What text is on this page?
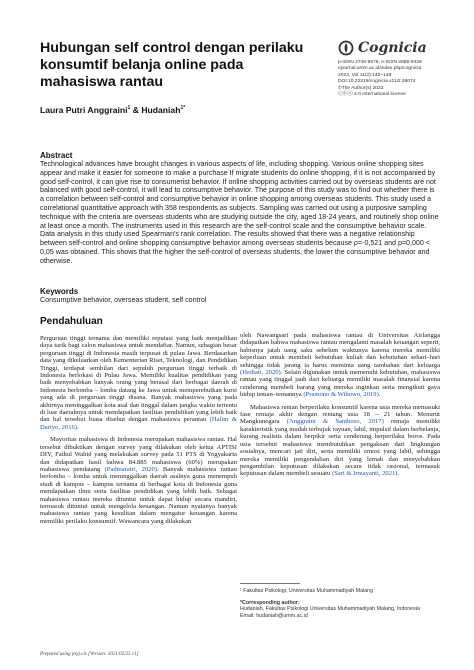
Hubungan self control dengan perilaku konsumtif belanja online pada mahasiswa rantau
Cognicia
p-ISSN 2746-8976; e-ISSN 2685-8428
ejournal.umm.ac.id/index.php/cognicia
2023, Vol 11(2):140–148
DOI:10.22219/cognicia.v11i2.28074
©The Author(s) 2023
ⓒⓑⓢ 4.0 International license
Laura Putri Anggraini$^1$ & Hudaniah$^{1*}$
Abstract
Technological advances have brought changes in various aspects of life, including shopping. Various online shopping sites appear and make it easier for someone to make a purchase If migrate students do online shopping, if it is not accompanied by good self-control, it can give rise to consumerist behavior. If online shopping activities carried out by overseas students are not balanced with good self-control, it will lead to consumptive behavior. The purpose of this study was to find out whether there is a correlation between self-control and consumptive behavior in online shopping among overseas students. This study used a correlational quantitative approach with 358 respondents as subjects. Sampling was carried out using a purposive sampling technique with the criteria are overseas students who are studying outside the city, aged 18-24 years, and routinely shop online at least once a month. The instruments used in this research are the self-control scale and the consumptive behavior scale. Data analysis in this study used Spearman's rank correlation. The results showed that there was a negative relationship between self-control and online shopping consumptive behavior among overseas students because ρ=-0,521 and p=0,000 < 0,05 was obtained. This shows that the higher the self-control of overseas students, the lower the consumptive behavior and otherwise.
Keywords
Consumptive behavior, overseas student, self control
Pendahuluan

Perguruan tinggi ternama dan memiliki reputasi yang baik menjadikan daya tarik bagi calon mahasiswa untuk mendaftar. Namun, sebagian besar perguruan tinggi di Indonesia masih terpusat di pulau Jawa. Berdasarkan data yang dikeluarkan oleh Kementerian Riset, Teknologi, dan Pendidikan Tinggi, terdapat sembilan dari sepuluh perguruan tinggi terbaik di Indonesia berlokasi di Pulau Jawa. Memiliki kualitas pendidikan yang baik menyebabkan banyak orang yang berasal dari berbagai daerah di Indonesia berlomba – lomba datang ke Jawa untuk memperebutkan kursi yang ada di perguruan tinggi disana. Banyak mahasiswa yang pada akhirnya meninggalkan kota asal dan tinggal dalam jangka waktu tertentu di luar daerahnya untuk mendapatkan fasilitas pendidikan yang lebih baik dan hal tersebut biasa disebut dengan mahasiswa perantau (Halim & Dariyo, 2016).

Mayoritas mahasiswa di Indonesia merupakan mahasiswa rantau. Hal tersebut dibuktikan dengan survey yang dilakukan oleh ketua APTISI DIY, Fathul Wahid yang melakukan survey pada 51 PTS di Yogyakarta dan didapatkan hasil bahwa 84.885 mahasiswa (60%) merupakan mahasiswa pendatang (Padmaratri, 2020). Banyak mahasiswa rantau berlomba – lomba untuk meninggalkan daerah asalnya guna menempuh studi di kampus – kampus ternama di berbagai kota di Indonesia guna mendapatkan ilmu serta fasilitas pendidikan yang lebih baik. Sebagai mahasiswa rantau mereka dituntut untuk dapat hidup secara mandiri, termasuk dituntut untuk mengelola keuangan. Namun nyatanya banyak mahasiswa rantau yang kesulitan dalam mengatur keuangan karena memiliki perilaku konsumtif. Wawancara yang dilakukan

oleh Nawangsari pada mahasiswa rantau di Universitas Airlangga didapatkan bahwa mahasiswa rantau mengalami masalah keuangan seperti, habisnya jatah uang saku sebelum waktunya karena mereka memiliki keperluan untuk membeli kebutuhan kuliah dan kebutuhan sehari–hari sehingga tidak jarang ia harus meminta uang tambahan dari keluarga (Hediati, 2020). Selain digunakan untuk memenuhi kebutuhan, mahasiswa rantau yang tinggal jauh dari keluarga memiliki masalah finansial karena cenderung membeli barang yang mereka inginkan serta mengikuti gaya hidup teman–temannya (Pramono & Wibowo, 2019).

Mahasiswa rentan berperilaku konsumtif karena usia mereka memasuki fase remaja akhir dengan rentang usia 18 – 21 tahun. Menurut Mangkunegara (Anggraini & Santhoso, 2017) remaja memiliki karakteristik yang mudah terbujuk rayuan, labil, impulsif dalam berbelanja, kurang realistis dalam berpikir serta cenderung berperilaku boros. Pada usia tersebut mahasiswa membutuhkan pengakuan dari lingkungan sosialnya, mencari jati diri, serta memiliki emosi yang labil, sehingga mereka memiliki pengendalian diri yang lemah dan menyebabkan pengambilan keputusan dilakukan secara tidak rasional, termasuk keputusan dalam membeli sesuatu (Sari & Irmayanti, 2021).

¹ Fakultas Psikologi, Universitas Muhammadiyah Malang
*Corresponding author:
Hudaniah, Fakultas Psikologi Universitas Muhammadiyah Malang, Indonesia
Email: hudaniah@umm.ac.id
Prepared using psyj.cls [Version: 2021/02/25 v1]
